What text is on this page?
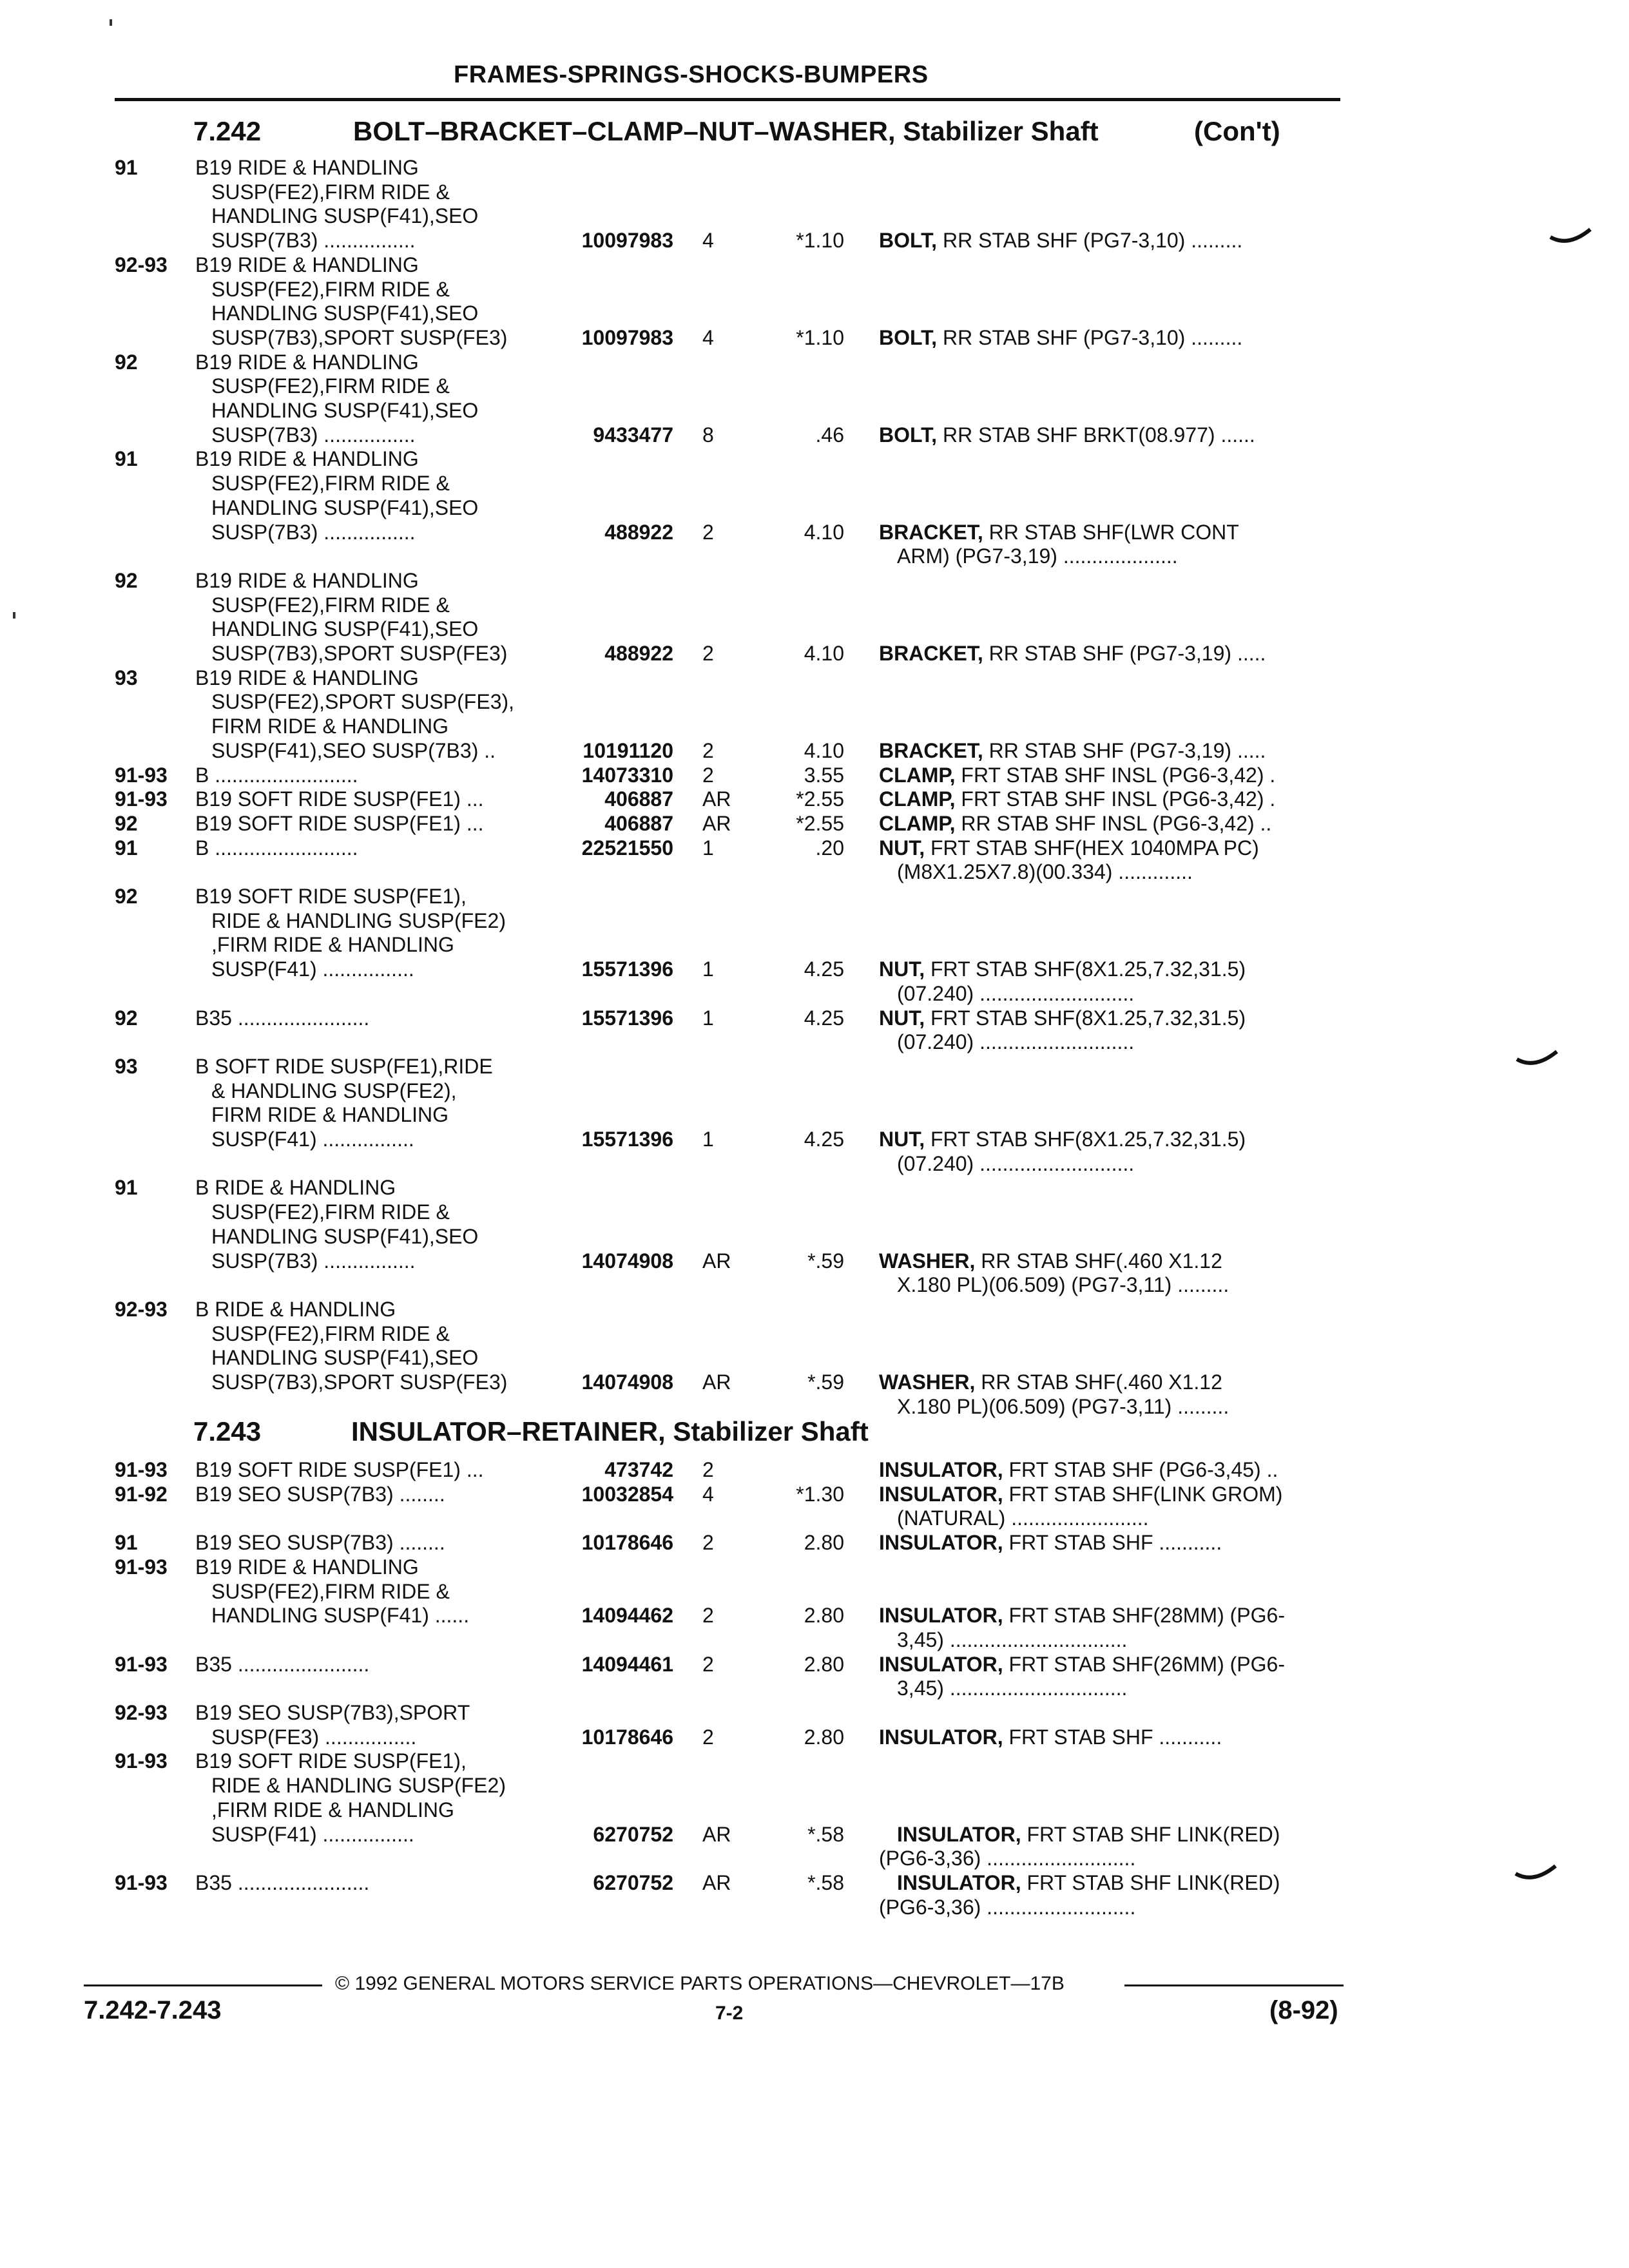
FRAMES-SPRINGS-SHOCKS-BUMPERS
7.242	BOLT–BRACKET–CLAMP–NUT–WASHER, Stabilizer Shaft	(Con't)
7.243	INSULATOR–RETAINER, Stabilizer Shaft
91	B19 RIDE & HANDLING
SUSP(FE2),FIRM RIDE &
HANDLING SUSP(F41),SEO
SUSP(7B3) ................	10097983 4	*1.10 BOLT, RR STAB SHF (PG7-3,10) .........
92-93	B19 RIDE & HANDLING
SUSP(FE2),FIRM RIDE &
HANDLING SUSP(F41),SEO
SUSP(7B3),SPORT SUSP(FE3)	10097983 4	*1.10 BOLT, RR STAB SHF (PG7-3,10) .........
92	B19 RIDE & HANDLING
SUSP(FE2),FIRM RIDE &
HANDLING SUSP(F41),SEO
SUSP(7B3) ................	9433477 8	.46 BOLT, RR STAB SHF BRKT(08.977) ......
91	B19 RIDE & HANDLING
SUSP(FE2),FIRM RIDE &
HANDLING SUSP(F41),SEO
SUSP(7B3) ................	488922 2	4.10 BRACKET, RR STAB SHF(LWR CONT
ARM) (PG7-3,19) ....................
92	B19 RIDE & HANDLING
SUSP(FE2),FIRM RIDE &
HANDLING SUSP(F41),SEO
SUSP(7B3),SPORT SUSP(FE3)	488922 2	4.10 BRACKET, RR STAB SHF (PG7-3,19) .....
93	B19 RIDE & HANDLING
SUSP(FE2),SPORT SUSP(FE3),
FIRM RIDE & HANDLING
SUSP(F41),SEO SUSP(7B3) ..	10191120 2	4.10 BRACKET, RR STAB SHF (PG7-3,19) .....
91-93	B .........................	14073310 2	3.55 CLAMP, FRT STAB SHF INSL (PG6-3,42) .
91-93	B19 SOFT RIDE SUSP(FE1) ...	406887 AR	*2.55 CLAMP, FRT STAB SHF INSL (PG6-3,42) .
92	B19 SOFT RIDE SUSP(FE1) ...	406887 AR	*2.55 CLAMP, RR STAB SHF INSL (PG6-3,42) ..
91	B .........................	22521550 1	.20 NUT, FRT STAB SHF(HEX 1040MPA PC)
(M8X1.25X7.8)(00.334) .............
92	B19 SOFT RIDE SUSP(FE1),
RIDE & HANDLING SUSP(FE2)
,FIRM RIDE & HANDLING
SUSP(F41) ................	15571396 1	4.25 NUT, FRT STAB SHF(8X1.25,7.32,31.5)
(07.240) ...........................
92	B35 .......................	15571396 1	4.25 NUT, FRT STAB SHF(8X1.25,7.32,31.5)
(07.240) ...........................
93	B SOFT RIDE SUSP(FE1),RIDE
& HANDLING SUSP(FE2),
FIRM RIDE & HANDLING
SUSP(F41) ................	15571396 1	4.25 NUT, FRT STAB SHF(8X1.25,7.32,31.5)
(07.240) ...........................
91	B RIDE & HANDLING
SUSP(FE2),FIRM RIDE &
HANDLING SUSP(F41),SEO
SUSP(7B3) ................	14074908 AR	*.59 WASHER, RR STAB SHF(.460 X1.12
X.180 PL)(06.509) (PG7-3,11) .........
92-93	B RIDE & HANDLING
SUSP(FE2),FIRM RIDE &
HANDLING SUSP(F41),SEO
SUSP(7B3),SPORT SUSP(FE3)	14074908 AR	*.59 WASHER, RR STAB SHF(.460 X1.12
X.180 PL)(06.509) (PG7-3,11) .........
91-93	B19 SOFT RIDE SUSP(FE1) ...	473742 2	INSULATOR, FRT STAB SHF (PG6-3,45) ..
91-92	B19 SEO SUSP(7B3) ........	10032854 4	*1.30 INSULATOR, FRT STAB SHF(LINK GROM)
(NATURAL) ........................
91	B19 SEO SUSP(7B3) ........	10178646 2	2.80 INSULATOR, FRT STAB SHF ...........
91-93	B19 RIDE & HANDLING
SUSP(FE2),FIRM RIDE &
HANDLING SUSP(F41) ......	14094462 2	2.80 INSULATOR, FRT STAB SHF(28MM) (PG6-
3,45) ...............................
91-93	B35 .......................	14094461 2	2.80 INSULATOR, FRT STAB SHF(26MM) (PG6-
3,45) ...............................
92-93	B19 SEO SUSP(7B3),SPORT
SUSP(FE3) ................	10178646 2	2.80 INSULATOR, FRT STAB SHF ...........
91-93	B19 SOFT RIDE SUSP(FE1),
RIDE & HANDLING SUSP(FE2)
,FIRM RIDE & HANDLING
SUSP(F41) ................	6270752 AR	*.58	INSULATOR, FRT STAB SHF LINK(RED)
(PG6-3,36) ..........................
91-93	B35 .......................	6270752 AR	*.58	INSULATOR, FRT STAB SHF LINK(RED)
(PG6-3,36) ..........................
© 1992 GENERAL MOTORS SERVICE PARTS OPERATIONS—CHEVROLET—17B
7.242-7.243	7-2	(8-92)
